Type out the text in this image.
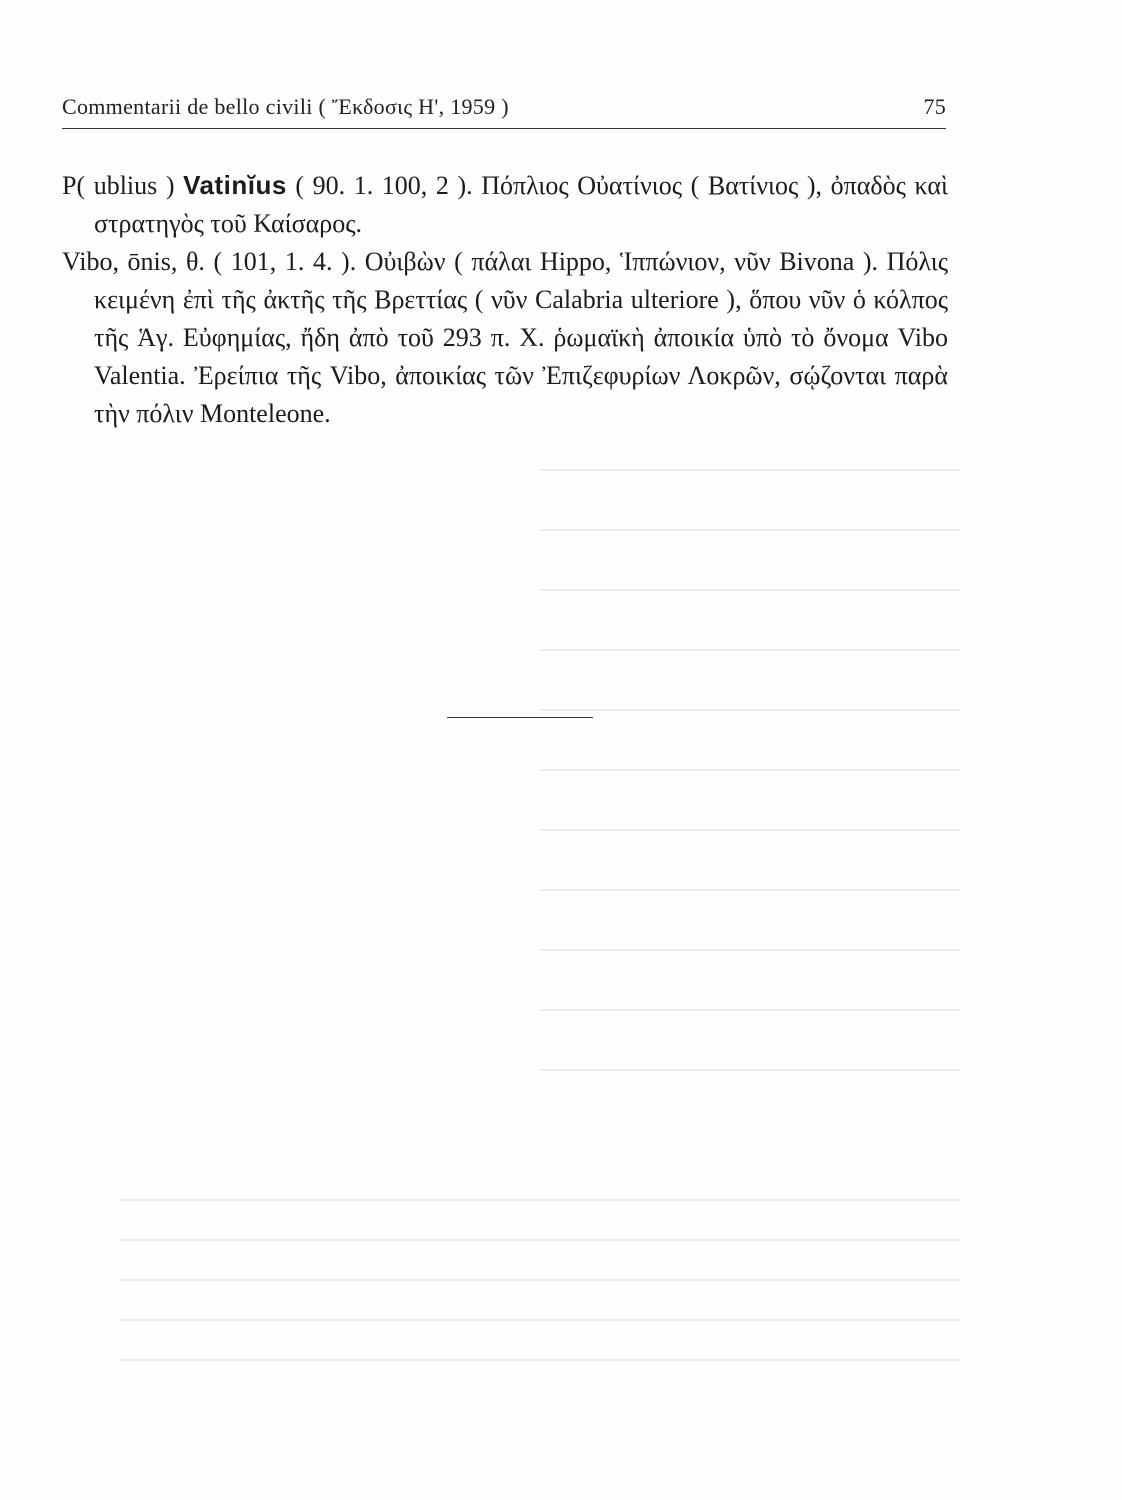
Commentarii de bello civili ( Ἔκδοσις Η', 1959 )	75

P( ublius ) Vatinĭus ( 90. 1. 100, 2 ). Πόπλιος Οὐατίνιος ( Βατίνιος ), ὀπαδὸς καὶ στρατηγὸς τοῦ Καίσαρος.

Vibo, ōnis, θ. ( 101, 1. 4. ). Οὐιβὼν ( πάλαι Hippo, Ἱππώνιον, νῦν Bivona ). Πόλις κειμένη ἐπὶ τῆς ἀκτῆς τῆς Βρεττίας ( νῦν Calabria ulteriore ), ὅπου νῦν ὁ κόλπος τῆς Ἁγ. Εὐφημίας, ἤδη ἀπὸ τοῦ 293 π. Χ. ῥωμαϊκὴ ἀποικία ὑπὸ τὸ ὄνομα Vibo Valentia. Ἐρείπια τῆς Vibo, ἀποικίας τῶν Ἐπιζεφυρίων Λοκρῶν, σῴζονται παρὰ τὴν πόλιν Monteleone.
